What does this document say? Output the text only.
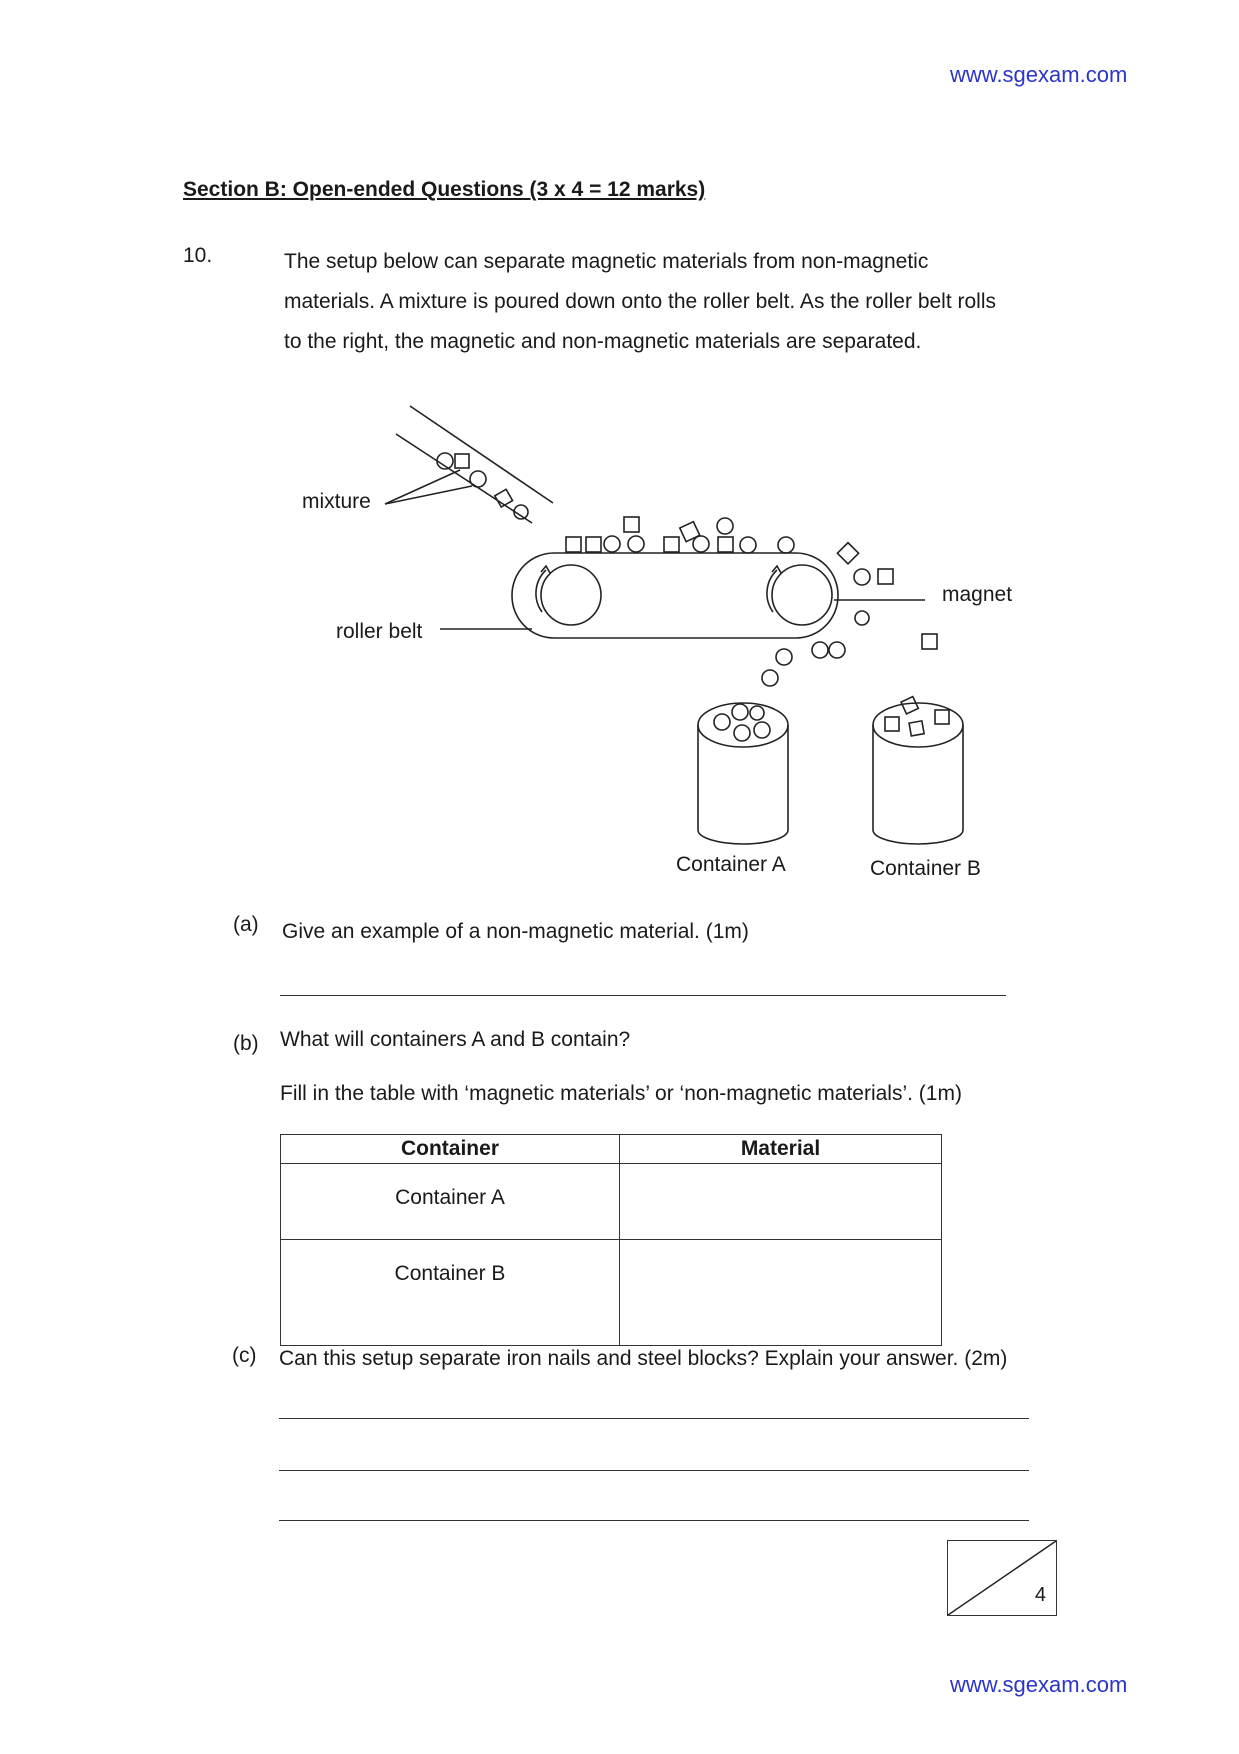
www.sgexam.com
Section B: Open-ended Questions (3 x 4 = 12 marks)
10.	The setup below can separate magnetic materials from non-magnetic

materials. A mixture is poured down onto the roller belt. As the roller belt rolls

to the right, the magnetic and non-magnetic materials are separated.

mixture
roller belt
magnet
Container A	Container B
(a) Give an example of a non-magnetic material. (1m)
(b) What will containers A and B contain?
Fill in the table with ‘magnetic materials’ or ‘non-magnetic materials’. (1m)
Container	Material
Container A	
Container B	
(c) Can this setup separate iron nails and steel blocks? Explain your answer. (2m)
4
www.sgexam.com
